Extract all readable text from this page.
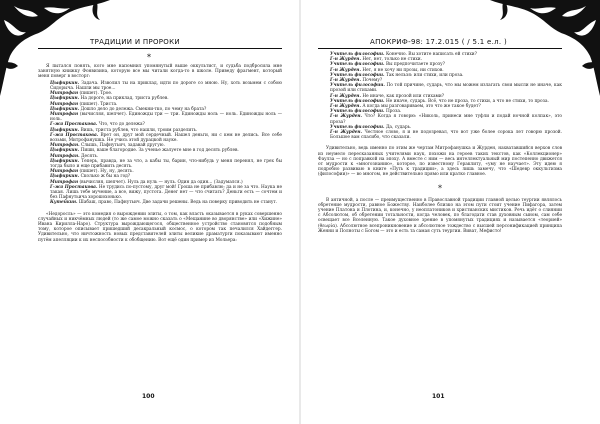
ТРАДИЦИИ И ПРОРОКИ
*

Я пытался понять, кого мне напомнил упомянутый выше оккультист, и судьба подбросила мне занятную книжку Фонвизина, которую все мы читали когда-то в школе. Приведу фрагмент, который меня поверг в восторг:

Цыфиркин. Задача. Изволил ты на приклад, идти по дороге со мною. Ну, хоть возьмем с собою Сидорыча. Нашли мы трое...

Митрофан (пишет). Трое.

Цыфиркин. На дороге, на приклад, триста рублев.

Митрофан (пишет). Триста.

Цыфиркин. Дошло дело до дележа. Смекни-тко, по чему на брата?

Митрофан (вычисляя, шепчет). Единожды три — три. Единожды ноль — ноль. Единожды ноль — ноль.

Г-жа Простакова. Что, что до дележа?

Цыфиркин. Вишь, триста рублев, что нашли, троим разделить.

Г-жа Простакова. Врет он, друг мой сердечный. Нашел деньги, ни с кем не делись. Все себе возьми, Митрофанушка. Не учись этой дурацкой науке.

Митрофан. Слышь, Пафнутьич, задавай другую.

Цыфиркин. Пиши, ваше благородие. За ученье жалуете мне в год десять рублев.

Митрофан. Десять.

Цыфиркин. Теперь, правда, не за что, а кабы ты, барин, что-нибудь у меня перенял, не грех бы тогда было и еще прибавить десять.

Митрофан (пишет). Ну, ну, десять.

Цыфиркин. Сколько ж бы на год?

Митрофан (вычисляя, шепчет). Нуль да нуль — нуль. Один да один... (Задумался.)

Г-жа Простакова. Не трудись по-пустому, друг мой! Гроша не прибавлю; да и не за что. Наука не такая. Лишь тебе мучение, а все, вижу, пустота. Денег нет — что считать? Деньги есть — сочтем и без Пафнутьича хорошохонько.

Кутейкин. Шабаш, право, Пафнутьич. Две задачи решены. Ведь на поверку приводить не станут.

«Недоросль» — это комедия о вырождении элиты, о том, как власть оказывается в руках совершенно случайных и никчёмных людей (то же самое можно сказать о «Мещанине во дворянстве» или «Хижине» Ивана Кирилла-Наро). Структура вырождающегося, общественное устройство становятся подобным тому, которое описывает пришедший десакральный космос, о котором так печалился Хайдеггер. Удивительно, что ничтожность новых представителей элиты великие драматурги показывают именно путём апелляции к их неспособности к обобщению. Вот ещё один пример из Мольера:

100
АПОКРИФ-98: 17.2.015 ( / 5.1 е.л. )

Учитель философии. Конечно. Вы хотите написать ей стихи?

Г-н Журден. Нет, нет, только не стихи.

Учитель философии. Вы предпочитаете прозу?

Г-н Журден. Нет, я не хочу ни прозы, ни стихов.

Учитель философии. Так нельзя: или стихи, или проза.

Г-н Журден. Почему?

Учитель философии. По той причине, сударь, что мы можем излагать свои мысли не иначе, как прозой или стихами.

Г-н Журден. Не иначе, как прозой или стихами?

Учитель философии. Не иначе, сударь. Всё, что не проза, то стихи, а что не стихи, то проза.

Г-н Журден. А когда мы разговариваем, это что же такое будет?

Учитель философии. Проза.

Г-н Журден. Что? Когда я говорю: «Николь, принеси мне туфли и подай ночной колпак», это проза?

Учитель философии. Да, сударь.

Г-н Журден. Честное слово, я и не подозревал, что вот уже более сорока лет говорю прозой. Большое вам спасибо, что сказали.

Удивительно, ведь именно по этим же чертам Митрофанушка и Журден, нахватавшийся верхов слов из неумело пересказанных учителями наук, похожи на героев таких текстов, как «Коллекционер» Фаулза — но с поправкой на эпоху. А вместе с ним — весь интеллектуальный мир постепенно движется от мудрости к «многознанию», которое, по известному Гераклиту, «уму не научает». Эту идею я подробно развиваю в книге «Путь к традиции», а здесь лишь замечу, что «Шедевр оккультизма (философии)» — во многом, не действительно прямо или кратко главное.

*

В античной, а после — преимущественно в Православной традиции главной целью теургии являлось обретение мудрости, равное Божеству. Наиболее близко на этом пути стоит учение Пифагора, затем учение Платона и Плотина, и, конечно, у неоплатоников и христианских мистиков. Речь идёт о слиянии с Абсолютом, об обретении тотальности, когда человек, по благодати став духовным сыном, сам себе освещает все Вселенную. Такое духовное зрение в упомянутых традициях и называется «теорией» (θεωρία). Абсолютное всепроникновение и абсолютное тождество с высшей персонификацией принципа Женни и Полноты с Богом — это и есть та самая суть теургии. Виват, Мефисто!

101
